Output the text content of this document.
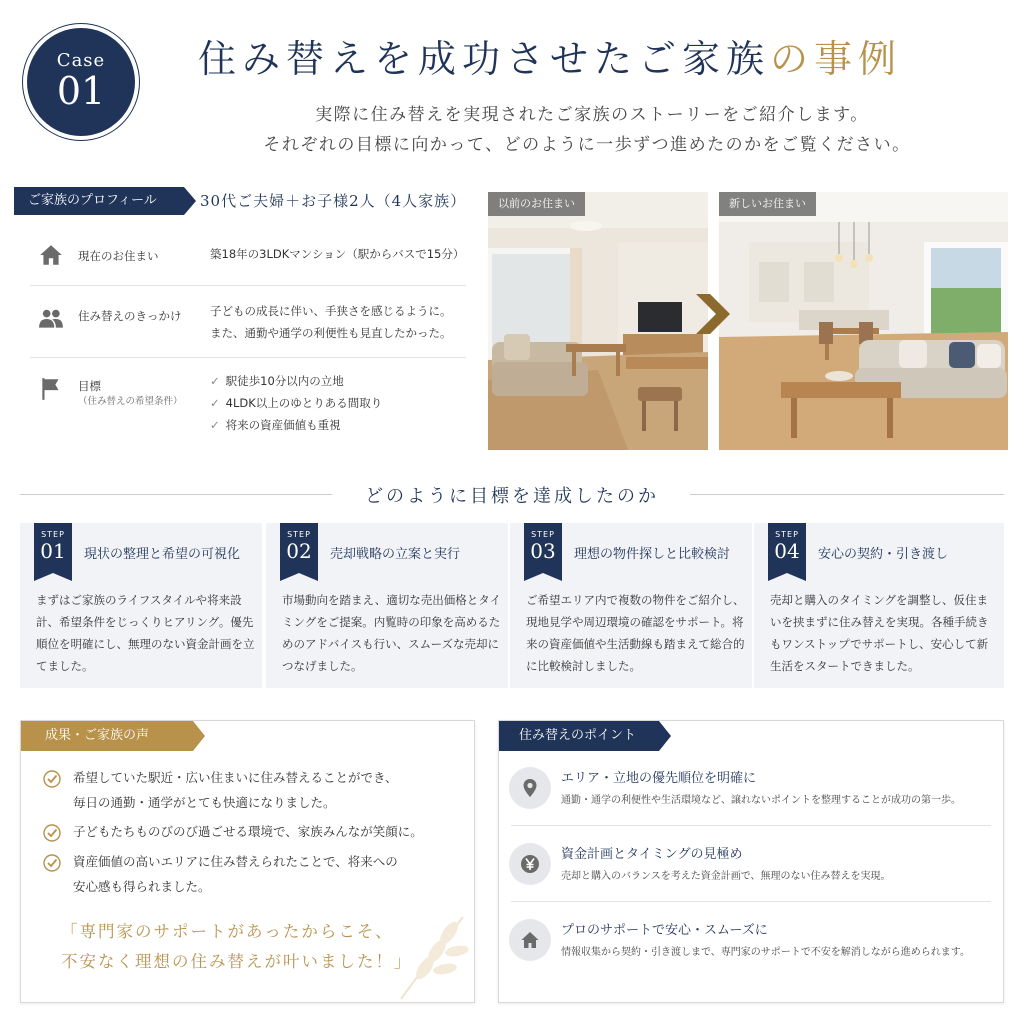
Case
01
住み替えを成功させたご家族の事例
実際に住み替えを実現されたご家族のストーリーをご紹介します。
それぞれの目標に向かって、どのように一歩ずつ進めたのかをご覧ください。
ご家族のプロフィール	30代ご夫婦＋お子様2人（4人家族）
現在のお住まい	築18年の3LDKマンション（駅からバスで15分）
住み替えのきっかけ 子どもの成長に伴い、手狭さを感じるように。
また、通勤や通学の利便性も見直したかった。
目標
（住み替えの希望条件）
✓ 駅徒歩10分以内の立地
✓ 4LDK以上のゆとりある間取り
✓ 将来の資産価値も重視
以前のお住まい	新しいお住まい
どのように目標を達成したのか
STEP
01	現状の整理と希望の可視化
まずはご家族のライフスタイルや将来設計、希望条件をじっくりヒアリング。優先順位を明確にし、無理のない資金計画を立てました。
STEP
02	売却戦略の立案と実行
市場動向を踏まえ、適切な売出価格とタイミングをご提案。内覧時の印象を高めるためのアドバイスも行い、スムーズな売却につなげました。
STEP
03	理想の物件探しと比較検討
ご希望エリア内で複数の物件をご紹介し、現地見学や周辺環境の確認をサポート。将来の資産価値や生活動線も踏まえて総合的に比較検討しました。
STEP
04	安心の契約・引き渡し
売却と購入のタイミングを調整し、仮住まいを挟まずに住み替えを実現。各種手続きもワンストップでサポートし、安心して新生活をスタートできました。
成果・ご家族の声
希望していた駅近・広い住まいに住み替えることができ、
毎日の通勤・通学がとても快適になりました。
子どもたちものびのび過ごせる環境で、家族みんなが笑顔に。
資産価値の高いエリアに住み替えられたことで、将来への
安心感も得られました。
「専門家のサポートがあったからこそ、
不安なく理想の住み替えが叶いました！」
住み替えのポイント
エリア・立地の優先順位を明確に
通勤・通学の利便性や生活環境など、譲れないポイントを整理することが成功の第一歩。
資金計画とタイミングの見極め
売却と購入のバランスを考えた資金計画で、無理のない住み替えを実現。
プロのサポートで安心・スムーズに
情報収集から契約・引き渡しまで、専門家のサポートで不安を解消しながら進められます。
